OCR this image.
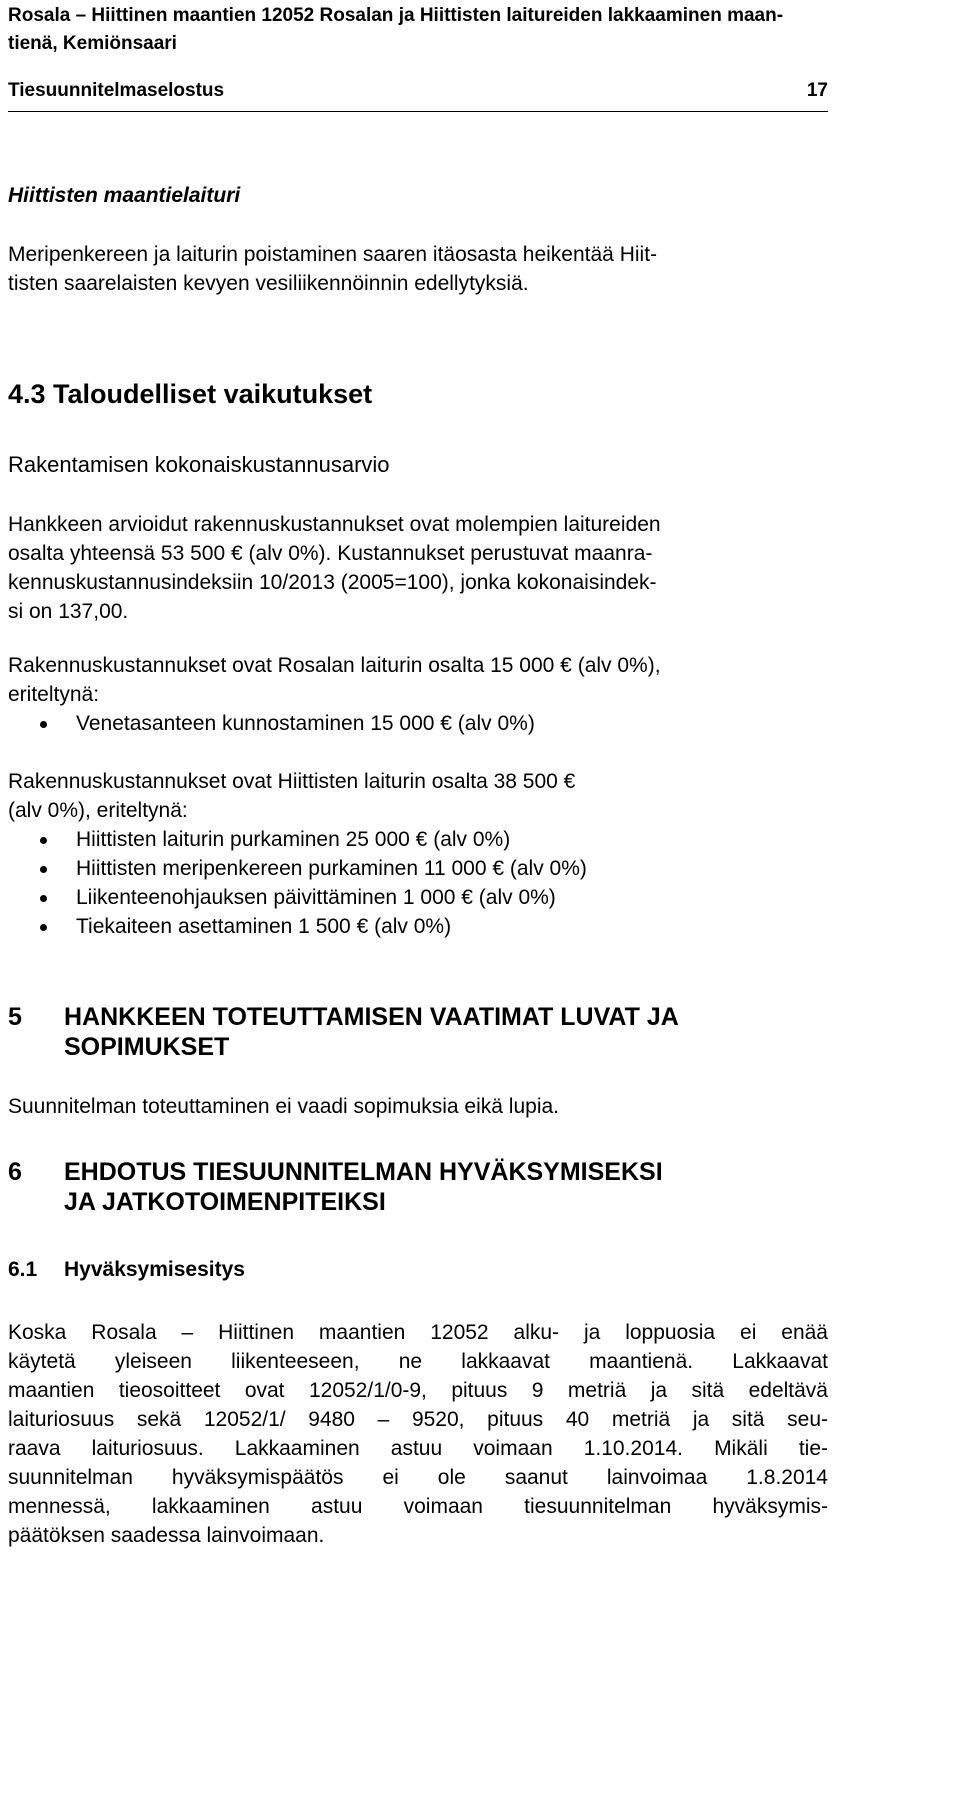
Rosala – Hiittinen maantien 12052 Rosalan ja Hiittisten laitureiden lakkaaminen maan-
tienä, Kemiönsaari
Tiesuunnitelmaselostus	17
Hiittisten maantielaituri
Meripenkereen ja laiturin poistaminen saaren itäosasta heikentää Hiit-
tisten saarelaisten kevyen vesiliikennöinnin edellytyksiä.
4.3 Taloudelliset vaikutukset
Rakentamisen kokonaiskustannusarvio
Hankkeen arvioidut rakennuskustannukset ovat molempien laitureiden
osalta yhteensä 53 500 € (alv 0%). Kustannukset perustuvat maanra-
kennuskustannusindeksiin 10/2013 (2005=100), jonka kokonaisindek-
si on 137,00.
Rakennuskustannukset ovat Rosalan laiturin osalta 15 000 € (alv 0%),
eriteltynä:
Venetasanteen kunnostaminen 15 000 € (alv 0%)
Rakennuskustannukset ovat Hiittisten laiturin osalta 38 500 €
(alv 0%), eriteltynä:
Hiittisten laiturin purkaminen 25 000 € (alv 0%)
Hiittisten meripenkereen purkaminen 11 000 € (alv 0%)
Liikenteenohjauksen päivittäminen 1 000 € (alv 0%)
Tiekaiteen asettaminen 1 500 € (alv 0%)
5 HANKKEEN TOTEUTTAMISEN VAATIMAT LUVAT JA
SOPIMUKSET
Suunnitelman toteuttaminen ei vaadi sopimuksia eikä lupia.
6 EHDOTUS TIESUUNNITELMAN HYVÄKSYMISEKSI
JA JATKOTOIMENPITEIKSI
6.1 Hyväksymisesitys
Koska Rosala – Hiittinen maantien 12052 alku- ja loppuosia ei enää
käytetä yleiseen liikenteeseen, ne lakkaavat maantienä. Lakkaavat
maantien tieosoitteet ovat 12052/1/0-9, pituus 9 metriä ja sitä edeltävä
laituriosuus sekä 12052/1/ 9480 – 9520, pituus 40 metriä ja sitä seu-
raava laituriosuus. Lakkaaminen astuu voimaan 1.10.2014. Mikäli tie-
suunnitelman hyväksymispäätös ei ole saanut lainvoimaa 1.8.2014
mennessä, lakkaaminen astuu voimaan tiesuunnitelman hyväksymis-
päätöksen saadessa lainvoimaan.
